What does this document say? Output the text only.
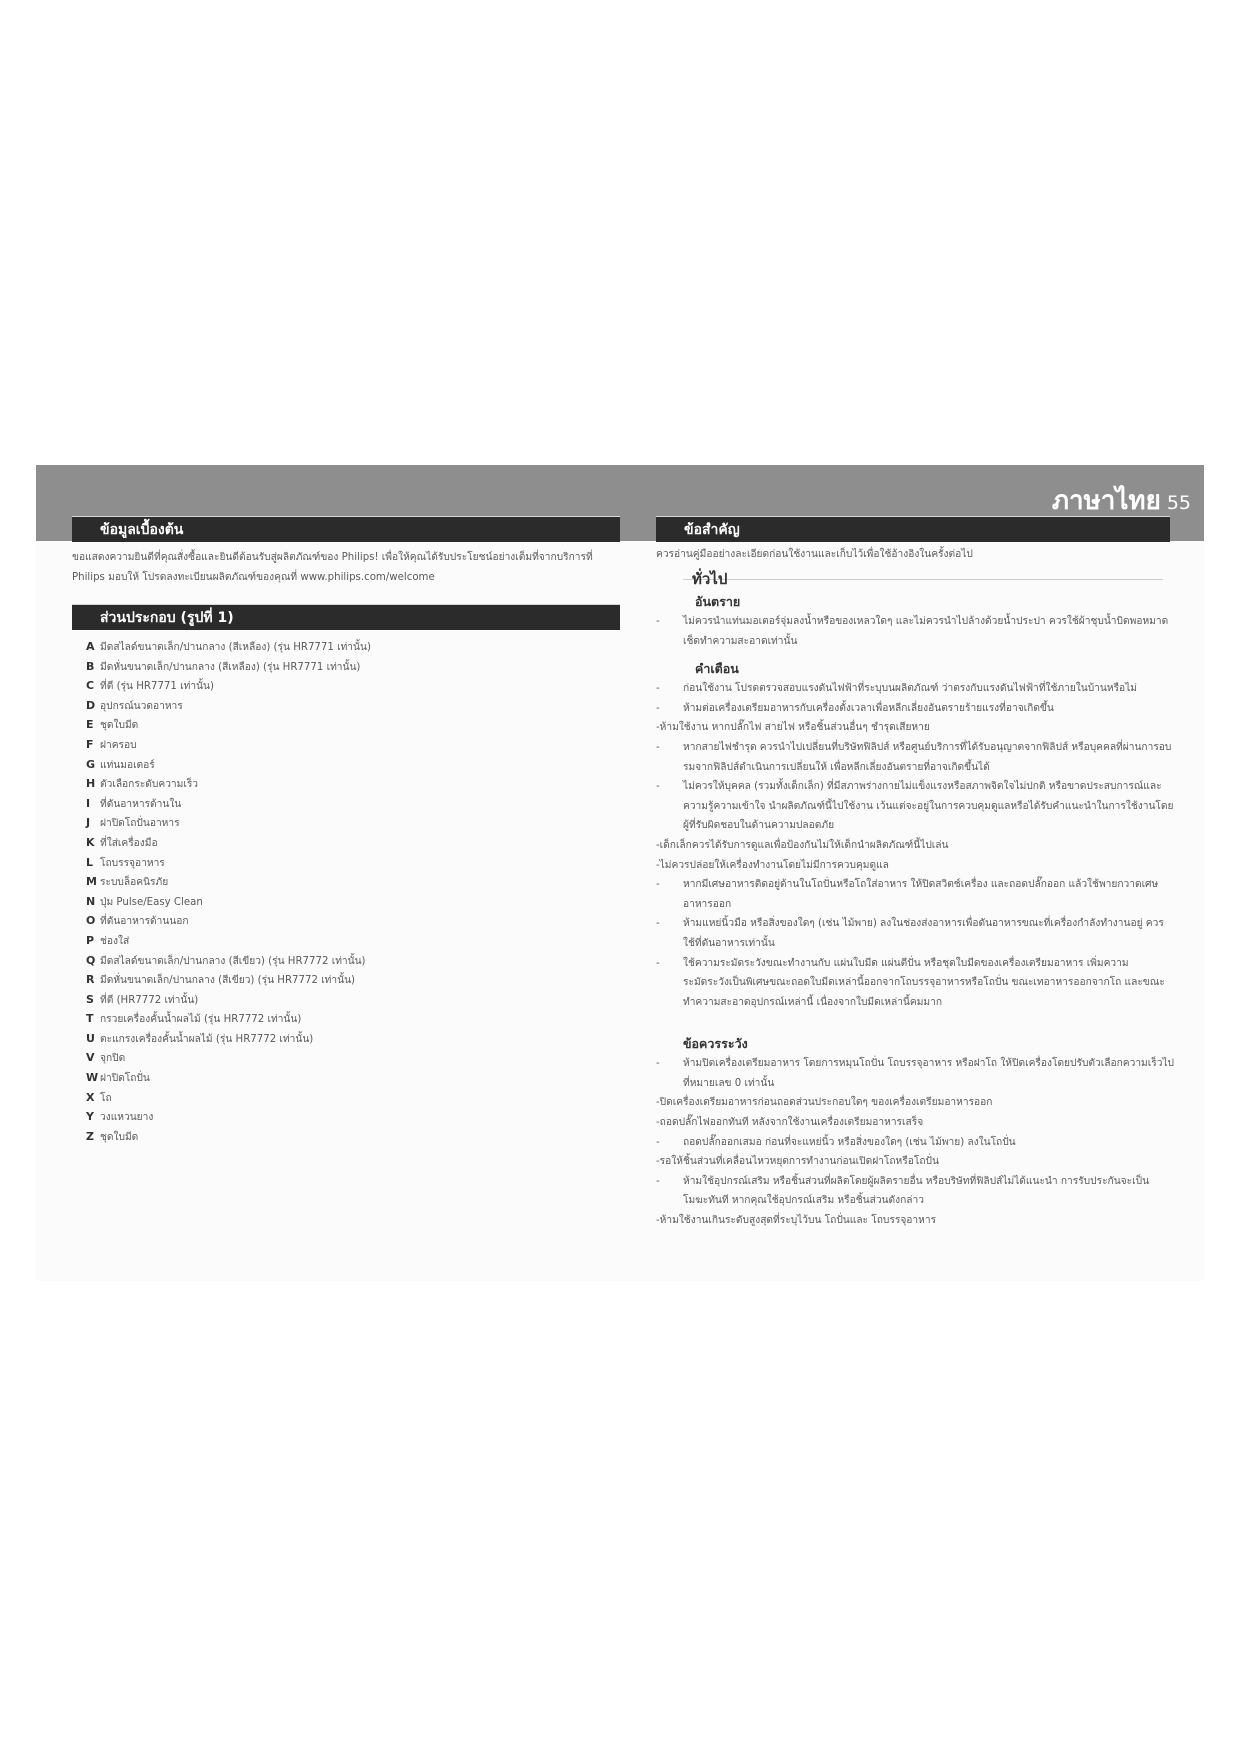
ภาษาไทย 55
ข้อมูลเบื้องต้น
ขอแสดงความยินดีที่คุณสั่งซื้อและยินดีต้อนรับสู่ผลิตภัณฑ์ของ Philips! เพื่อให้คุณได้รับประโยชน์อย่างเต็มที่จากบริการที่ Philips มอบให้ โปรดลงทะเบียนผลิตภัณฑ์ของคุณที่ www.philips.com/welcome
ส่วนประกอบ (รูปที่ 1)
A มีดสไลด์ขนาดเล็ก/ปานกลาง (สีเหลือง) (รุ่น HR7771 เท่านั้น)
B มีดหั่นขนาดเล็ก/ปานกลาง (สีเหลือง) (รุ่น HR7771 เท่านั้น)
C ที่ตี (รุ่น HR7771 เท่านั้น)
D อุปกรณ์นวดอาหาร
E ชุดใบมีด
F ฝาครอบ
G แท่นมอเตอร์
H ตัวเลือกระดับความเร็ว
I ที่ดันอาหารด้านใน
J ฝาปิดโถปั่นอาหาร
K ที่ใส่เครื่องมือ
L โถบรรจุอาหาร
M ระบบล็อคนิรภัย
N ปุ่ม Pulse/Easy Clean
O ที่ดันอาหารด้านนอก
P ช่องใส่
Q มีดสไลด์ขนาดเล็ก/ปานกลาง (สีเขียว) (รุ่น HR7772 เท่านั้น)
R มีดหั่นขนาดเล็ก/ปานกลาง (สีเขียว) (รุ่น HR7772 เท่านั้น)
S ที่ตี (HR7772 เท่านั้น)
T กรวยเครื่องคั้นน้ำผลไม้ (รุ่น HR7772 เท่านั้น)
U ตะแกรงเครื่องคั้นน้ำผลไม้ (รุ่น HR7772 เท่านั้น)
V จุกปิด
W ฝาปิดโถปั่น
X โถ
Y วงแหวนยาง
Z ชุดใบมีด
ข้อสำคัญ
ควรอ่านคู่มืออย่างละเอียดก่อนใช้งานและเก็บไว้เพื่อใช้อ้างอิงในครั้งต่อไป
ทั่วไป
อันตราย
- ไม่ควรนำแท่นมอเตอร์จุ่มลงน้ำหรือของเหลวใดๆ และไม่ควรนำไปล้างด้วยน้ำประปา ควรใช้ผ้าชุบน้ำบิดพอหมาดเช็ดทำความสะอาดเท่านั้น
คำเตือน
- ก่อนใช้งาน โปรดตรวจสอบแรงดันไฟฟ้าที่ระบุบนผลิตภัณฑ์ ว่าตรงกับแรงดันไฟฟ้าที่ใช้ภายในบ้านหรือไม่
- ห้ามต่อเครื่องเตรียมอาหารกับเครื่องตั้งเวลาเพื่อหลีกเลี่ยงอันตรายร้ายแรงที่อาจเกิดขึ้น
-ห้ามใช้งาน หากปลั๊กไฟ สายไฟ หรือชิ้นส่วนอื่นๆ ชำรุดเสียหาย
- หากสายไฟชำรุด ควรนำไปเปลี่ยนที่บริษัทฟิลิปส์ หรือศูนย์บริการที่ได้รับอนุญาตจากฟิลิปส์ หรือบุคคลที่ผ่านการอบรมจากฟิลิปส์ดำเนินการเปลี่ยนให้ เพื่อหลีกเลี่ยงอันตรายที่อาจเกิดขึ้นได้
- ไม่ควรให้บุคคล (รวมทั้งเด็กเล็ก) ที่มีสภาพร่างกายไม่แข็งแรงหรือสภาพจิตใจไม่ปกติ หรือขาดประสบการณ์และความรู้ความเข้าใจ นำผลิตภัณฑ์นี้ไปใช้งาน เว้นแต่จะอยู่ในการควบคุมดูแลหรือได้รับคำแนะนำในการใช้งานโดยผู้ที่รับผิดชอบในด้านความปลอดภัย
-เด็กเล็กควรได้รับการดูแลเพื่อป้องกันไม่ให้เด็กนำผลิตภัณฑ์นี้ไปเล่น
-ไม่ควรปล่อยให้เครื่องทำงานโดยไม่มีการควบคุมดูแล
- หากมีเศษอาหารติดอยู่ด้านในโถปั่นหรือโถใส่อาหาร ให้ปิดสวิตช์เครื่อง และถอดปลั๊กออก แล้วใช้พายกวาดเศษอาหารออก
- ห้ามแหย่นิ้วมือ หรือสิ่งของใดๆ (เช่น ไม้พาย) ลงในช่องส่งอาหารเพื่อดันอาหารขณะที่เครื่องกำลังทำงานอยู่ ควรใช้ที่ดันอาหารเท่านั้น
- ใช้ความระมัดระวังขณะทำงานกับ แผ่นใบมีด แผ่นตีปั่น หรือชุดใบมีดของเครื่องเตรียมอาหาร เพิ่มความระมัดระวังเป็นพิเศษขณะถอดใบมีดเหล่านี้ออกจากโถบรรจุอาหารหรือโถปั่น ขณะเทอาหารออกจากโถ และขณะทำความสะอาดอุปกรณ์เหล่านี้ เนื่องจากใบมีดเหล่านี้คมมาก
ข้อควรระวัง
- ห้ามปิดเครื่องเตรียมอาหาร โดยการหมุนโถปั่น โถบรรจุอาหาร หรือฝาโถ ให้ปิดเครื่องโดยปรับตัวเลือกความเร็วไปที่หมายเลข 0 เท่านั้น
-ปิดเครื่องเตรียมอาหารก่อนถอดส่วนประกอบใดๆ ของเครื่องเตรียมอาหารออก
-ถอดปลั๊กไฟออกทันที หลังจากใช้งานเครื่องเตรียมอาหารเสร็จ
- ถอดปลั๊กออกเสมอ ก่อนที่จะแหย่นิ้ว หรือสิ่งของใดๆ (เช่น ไม้พาย) ลงในโถปั่น
-รอให้ชิ้นส่วนที่เคลื่อนไหวหยุดการทำงานก่อนเปิดฝาโถหรือโถปั่น
- ห้ามใช้อุปกรณ์เสริม หรือชิ้นส่วนที่ผลิตโดยผู้ผลิตรายอื่น หรือบริษัทที่ฟิลิปส์ไม่ได้แนะนำ การรับประกันจะเป็นโมฆะทันที หากคุณใช้อุปกรณ์เสริม หรือชิ้นส่วนดังกล่าว
-ห้ามใช้งานเกินระดับสูงสุดที่ระบุไว้บน โถปั่นและ โถบรรจุอาหาร
